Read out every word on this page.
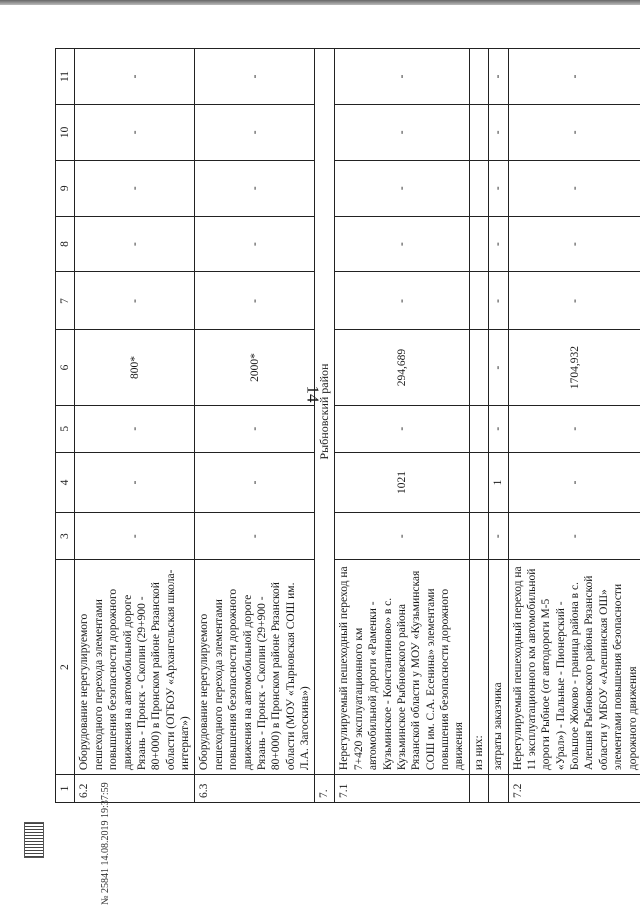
1	2	3	4	5	6	7	8	9	10	11
6.2	Оборудование нерегулируемого пешеходного перехода элементами повышения безопасности дорожного движения на автомобильной дороге Рязань - Пронск - Скопин (29+900 - 80+000) в Пронском районе Рязанской области (ОГБОУ «Архангельская школа-интернат»)	-	-	-	800*	-	-	-	-	-
6.3	Оборудование нерегулируемого пешеходного перехода элементами повышения безопасности дорожного движения на автомобильной дороге Рязань - Пронск - Скопин (29+900 - 80+000) в Пронском районе Рязанской области (МОУ «Тырновская СОШ им. Л.А. Загоскина»)	-	-	-	2000*	-	-	-	-	-
7.	Рыбновский район									
7.1	Нерегулируемый пешеходный переход на 7+420 эксплуатационного км автомобильной дороги «Раменки - Кузьминское - Константиново» в с. Кузьминское Рыбновского района Рязанской области у МОУ «Кузьминская СОШ им. С.А. Есенина» элементами повышения безопасности дорожного движения	-	1021	-	294,689	-	-	-	-	-
	из них:									
	затраты заказчика	-	1	-	-	-	-	-	-	-
7.2	Нерегулируемый пешеходный переход на 11 эксплуатационного км автомобильной дороги Рыбное (от автодороги М-5 «Урал») - Пальные - Пионерский - Большое Жоково - граница района в с. Алешня Рыбновского района Рязанской области у МБОУ «Алешинская ОШ» элементами повышения безопасности дорожного движения	-	-	-	1704,932	-	-	-	-	-
14
№ 25841 14.08.2019 19:37:59
